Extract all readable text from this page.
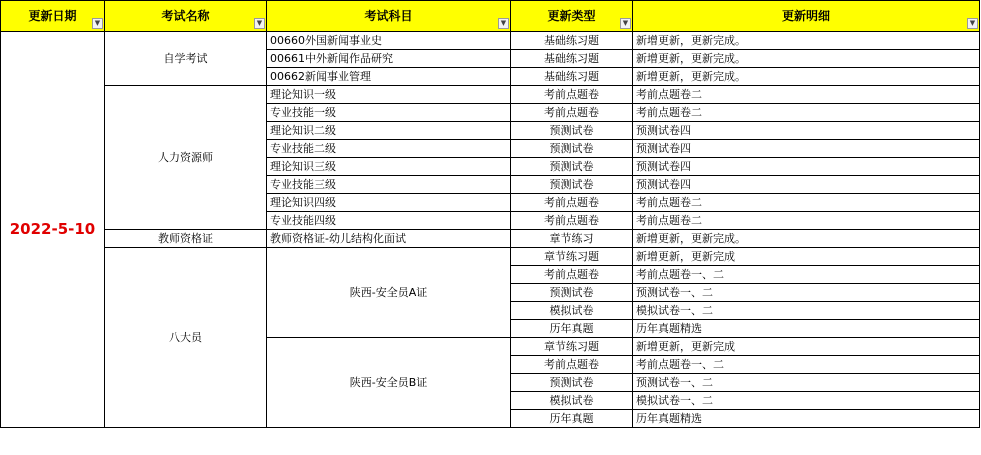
更新日期 ▼	考试名称 ▼	考试科目 ▼	更新类型 ▼	更新明细 ▼

2022-5-10	自学考试	00660外国新闻事业史	基础练习题	新增更新，更新完成。
		00661中外新闻作品研究	基础练习题	新增更新，更新完成。
		00662新闻事业管理	基础练习题	新增更新，更新完成。
	人力资源师	理论知识一级	考前点题卷	考前点题卷二
		专业技能一级	考前点题卷	考前点题卷二
		理论知识二级	预测试卷	预测试卷四
		专业技能二级	预测试卷	预测试卷四
		理论知识三级	预测试卷	预测试卷四
		专业技能三级	预测试卷	预测试卷四
		理论知识四级	考前点题卷	考前点题卷二
		专业技能四级	考前点题卷	考前点题卷二
	教师资格证	教师资格证-幼儿结构化面试	章节练习	新增更新，更新完成。
	八大员	陕西-安全员A证	章节练习题	新增更新，更新完成
			考前点题卷	考前点题卷一、二
			预测试卷	预测试卷一、二
			模拟试卷	模拟试卷一、二
			历年真题	历年真题精选
		陕西-安全员B证	章节练习题	新增更新，更新完成
			考前点题卷	考前点题卷一、二
			预测试卷	预测试卷一、二
			模拟试卷	模拟试卷一、二
			历年真题	历年真题精选
